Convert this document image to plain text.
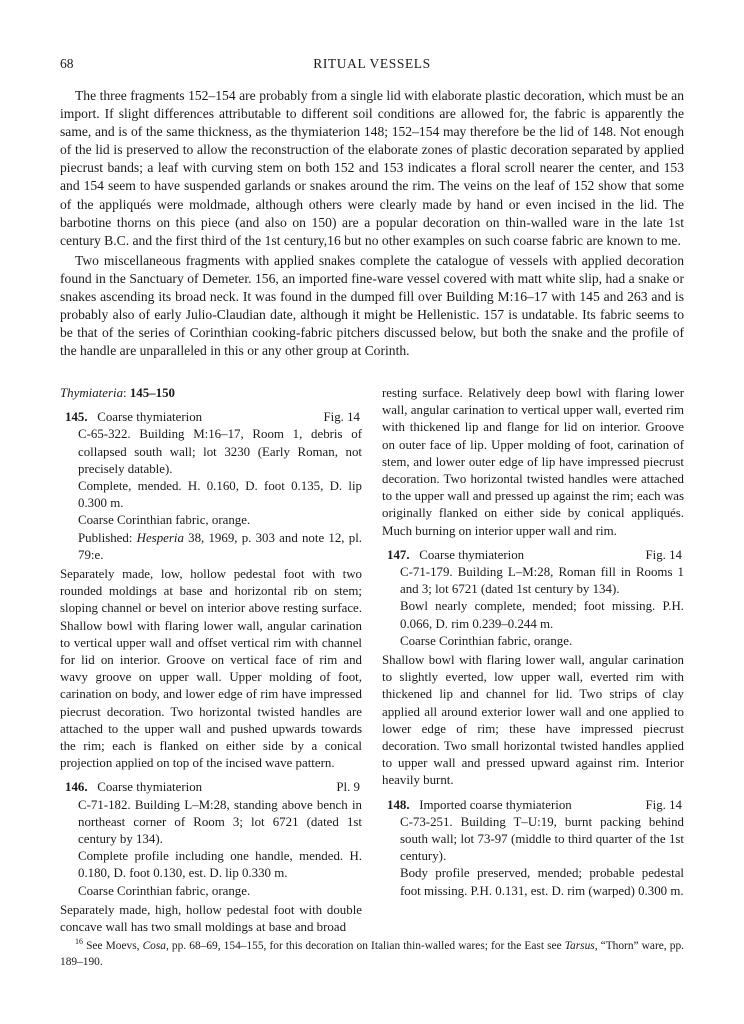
68	RITUAL VESSELS

The three fragments 152–154 are probably from a single lid with elaborate plastic decoration, which must be an import. If slight differences attributable to different soil conditions are allowed for, the fabric is apparently the same, and is of the same thickness, as the thymiaterion 148; 152–154 may therefore be the lid of 148. Not enough of the lid is preserved to allow the reconstruction of the elaborate zones of plastic decoration separated by applied piecrust bands; a leaf with curving stem on both 152 and 153 indicates a floral scroll nearer the center, and 153 and 154 seem to have suspended garlands or snakes around the rim. The veins on the leaf of 152 show that some of the appliqués were moldmade, although others were clearly made by hand or even incised in the lid. The barbotine thorns on this piece (and also on 150) are a popular decoration on thin-walled ware in the late 1st century B.C. and the first third of the 1st century,16 but no other examples on such coarse fabric are known to me.

Two miscellaneous fragments with applied snakes complete the catalogue of vessels with applied decoration found in the Sanctuary of Demeter. 156, an imported fine-ware vessel covered with matt white slip, had a snake or snakes ascending its broad neck. It was found in the dumped fill over Building M:16–17 with 145 and 263 and is probably also of early Julio-Claudian date, although it might be Hellenistic. 157 is undatable. Its fabric seems to be that of the series of Corinthian cooking-fabric pitchers discussed below, but both the snake and the profile of the handle are unparalleled in this or any other group at Corinth.

Thymiateria: 145–150
145. Coarse thymiaterion	Fig. 14
C-65-322. Building M:16–17, Room 1, debris of collapsed south wall; lot 3230 (Early Roman, not precisely datable).
Complete, mended. H. 0.160, D. foot 0.135, D. lip 0.300 m.
Coarse Corinthian fabric, orange.
Published: Hesperia 38, 1969, p. 303 and note 12, pl. 79:e.

Separately made, low, hollow pedestal foot with two rounded moldings at base and horizontal rib on stem; sloping channel or bevel on interior above resting surface. Shallow bowl with flaring lower wall, angular carination to vertical upper wall and offset vertical rim with channel for lid on interior. Groove on vertical face of rim and wavy groove on upper wall. Upper molding of foot, carination on body, and lower edge of rim have impressed piecrust decoration. Two horizontal twisted handles are attached to the upper wall and pushed upwards towards the rim; each is flanked on either side by a conical projection applied on top of the incised wave pattern.

146. Coarse thymiaterion	Pl. 9
C-71-182. Building L–M:28, standing above bench in northeast corner of Room 3; lot 6721 (dated 1st century by 134).
Complete profile including one handle, mended. H. 0.180, D. foot 0.130, est. D. lip 0.330 m.
Coarse Corinthian fabric, orange.

Separately made, high, hollow pedestal foot with double concave wall has two small moldings at base and broad

resting surface. Relatively deep bowl with flaring lower wall, angular carination to vertical upper wall, everted rim with thickened lip and flange for lid on interior. Groove on outer face of lip. Upper molding of foot, carination of stem, and lower outer edge of lip have impressed piecrust decoration. Two horizontal twisted handles were attached to the upper wall and pressed up against the rim; each was originally flanked on either side by conical appliqués. Much burning on interior upper wall and rim.

147. Coarse thymiaterion	Fig. 14
C-71-179. Building L–M:28, Roman fill in Rooms 1 and 3; lot 6721 (dated 1st century by 134).
Bowl nearly complete, mended; foot missing. P.H. 0.066, D. rim 0.239–0.244 m.
Coarse Corinthian fabric, orange.

Shallow bowl with flaring lower wall, angular carination to slightly everted, low upper wall, everted rim with thickened lip and channel for lid. Two strips of clay applied all around exterior lower wall and one applied to lower edge of rim; these have impressed piecrust decoration. Two small horizontal twisted handles applied to upper wall and pressed upward against rim. Interior heavily burnt.

148. Imported coarse thymiaterion	Fig. 14
C-73-251. Building T–U:19, burnt packing behind south wall; lot 73-97 (middle to third quarter of the 1st century).
Body profile preserved, mended; probable pedestal foot missing. P.H. 0.131, est. D. rim (warped) 0.300 m.

$^{16}$ See Moevs, Cosa, pp. 68–69, 154–155, for this decoration on Italian thin-walled wares; for the East see Tarsus, “Thorn” ware, pp. 189–190.
